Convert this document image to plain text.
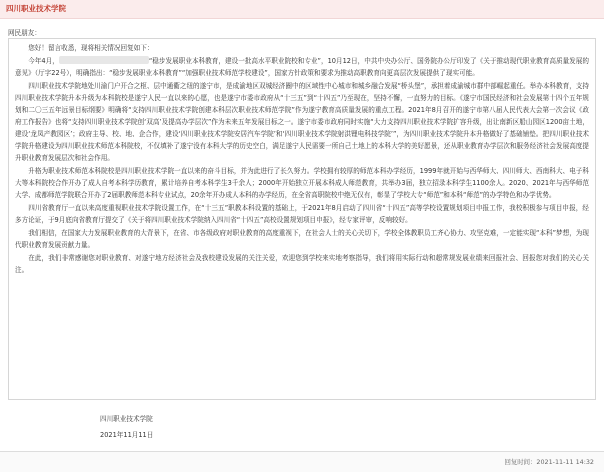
四川职业技术学院
网民朋友：
您好！留言收悉，现将相关情况回复如下：
今年4月，	“稳步发展职业本科教育，建设一批高水平职业院校和专业”，10月12日，中共中央办公厅、国务院办公厅印发了《关于推动现代职业教育高质量发展的意见》（厅字22号），明确指出：“稳步发展职业本科教育”“加强职业技术师范学校建设”，国家方针政策和要求为推动高职教育向更高层次发展提供了现实可能。
四川职业技术学院地处川渝门户开合之枢、层中通衢之纽的遂宁市，是成渝地区双城经济圈中的区域性中心城市和城乡融合发展“桥头堡”，承担着成渝城市群中部崛起重任。举办本科教育，支持四川职业技术学院升本升级为本科院校是遂宁人民一直以来的心愿，也是遂宁市委市政府从“十三五”到“十四五”乃至现在，坚持不懈，一直努力的目标。《遂宁市国民经济和社会发展第十四个五年规划和二〇三五年远景目标纲要》明确将“支持四川职业技术学院创建本科层次职业技术师范学院”作为遂宁教育高质量发展的重点工程。2021年8月召开的遂宁市第八届人民代表大会第一次会议《政府工作报告》也将“支持四川职业技术学院创‘双高’及提高办学层次”作为未来五年发展目标之一。遂宁市委市政府同时实施“大力支持四川职业技术学院扩容升级，出让南新区船山园区1200亩土地，建设‘龙凤产教园区’；政府主导、校、地、企合作，建设‘四川职业技术学院安居汽车学院’和‘四川职业技术学院射洪锂电科技学院’”，为四川职业技术学院升本升格做好了基础铺垫。把四川职业技术学院升格建设为四川职业技术师范本科院校，不仅填补了遂宁没有本科大学的历史空白，满足遂宁人民需要一所自己土地上的本科大学的美好愿景，还从职业教育办学层次和服务经济社会发展高度提升职业教育发展层次和社会作用。
升格为职业技术师范本科院校是四川职业技术学院一直以来的奋斗目标，并为此进行了长久努力。学校拥有较厚的师范本科办学经历，1999年就开始与西华师大、四川师大、西南科大、电子科大等本科院校合作开办了成人自考本科学历教育，累计培养自考本科学生3千余人；2000年开始独立开展本科成人师范教育，共举办3届，独立招录本科学生1100余人。2020、2021年与西华师范大学、成都师范学院联合开办了2届职教师范本科专业试点，20余年开办成人本科的办学经历，在全省高职院校中绝无仅有，彰显了学校大专“师范”和本科“师范”的办学特色和办学优势。
四川省教育厅一直以来高度重视职业技术学院设置工作，在“十三五”职教本科设置的基础上，于2021年8月启动了四川省“十四五”高等学校设置规划项目申报工作，我校积极参与项目申报，经多方论证，于9月底向省教育厅提交了《关于将四川职业技术学院纳入四川省“十四五”高校设置规划项目申报》，经专家评审，反响较好。
我们相信，在国家大力发展职业教育的大背景下，在省、市各级政府对职业教育的高度重视下，在社会人士的关心关切下，学校全体教职员工齐心协力、攻坚克难，一定能实现“本科”梦想，为现代职业教育发展贡献力量。
在此，我们非常感谢您对职业教育、对遂宁地方经济社会及我校建设发展的关注关爱，欢迎您到学校来实地考察指导，我们将用实际行动和超常规发展业绩来回报社会、回报您对我们的关心关注。
四川职业技术学院
2021年11月11日
回复时间：2021-11-11 14:32
